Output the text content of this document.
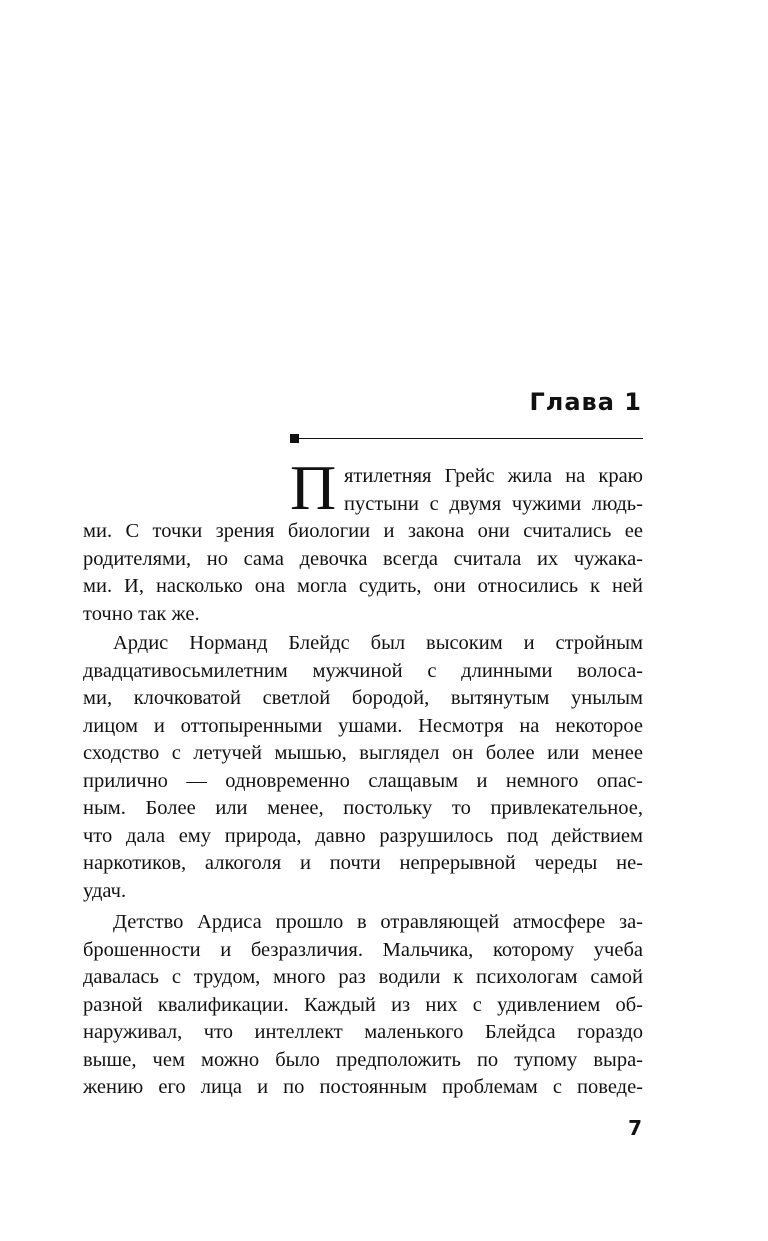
Глава 1
П ятилетняя Грейс жила на краю
пустыни с двумя чужими людь-
ми. С точки зрения биологии и закона они считались ее
родителями, но сама девочка всегда считала их чужака-
ми. И, насколько она могла судить, они относились к ней
точно так же.
Ардис Норманд Блейдс был высоким и стройным
двадцативосьмилетним мужчиной с длинными волоса-
ми, клочковатой светлой бородой, вытянутым унылым
лицом и оттопыренными ушами. Несмотря на некоторое
сходство с летучей мышью, выглядел он более или менее
прилично — одновременно слащавым и немного опас-
ным. Более или менее, постольку то привлекательное,
что дала ему природа, давно разрушилось под действием
наркотиков, алкоголя и почти непрерывной череды не-
удач.
Детство Ардиса прошло в отравляющей атмосфере за-
брошенности и безразличия. Мальчика, которому учеба
давалась с трудом, много раз водили к психологам самой
разной квалификации. Каждый из них с удивлением об-
наруживал, что интеллект маленького Блейдса гораздо
выше, чем можно было предположить по тупому выра-
жению его лица и по постоянным проблемам с поведе-

7
